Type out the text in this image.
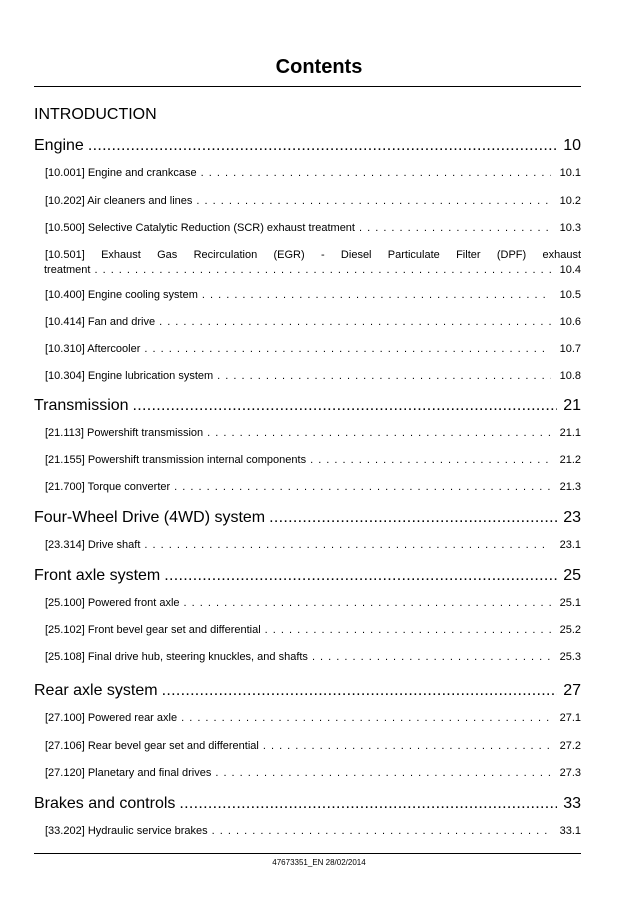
Contents
INTRODUCTION
Engine .....	10
[10.001] Engine and crankcase . . .	10.1
[10.202] Air cleaners and lines . . .	10.2
[10.500] Selective Catalytic Reduction (SCR) exhaust treatment . . .	10.3
[10.501] Exhaust Gas Recirculation (EGR) - Diesel Particulate Filter (DPF) exhaust
treatment . . .	10.4
[10.400] Engine cooling system . . .	10.5
[10.414] Fan and drive . . .	10.6
[10.310] Aftercooler . . .	10.7
[10.304] Engine lubrication system . . .	10.8
Transmission .....	21
[21.113] Powershift transmission . . .	21.1
[21.155] Powershift transmission internal components . . .	21.2
[21.700] Torque converter . . .	21.3
Four-Wheel Drive (4WD) system .....	23
[23.314] Drive shaft . . .	23.1
Front axle system .....	25
[25.100] Powered front axle . . .	25.1
[25.102] Front bevel gear set and differential . . .	25.2
[25.108] Final drive hub, steering knuckles, and shafts . . .	25.3
Rear axle system .....	27
[27.100] Powered rear axle . . .	27.1
[27.106] Rear bevel gear set and differential . . .	27.2
[27.120] Planetary and final drives . . .	27.3
Brakes and controls .....	33
[33.202] Hydraulic service brakes . . .	33.1
47673351_EN 28/02/2014
